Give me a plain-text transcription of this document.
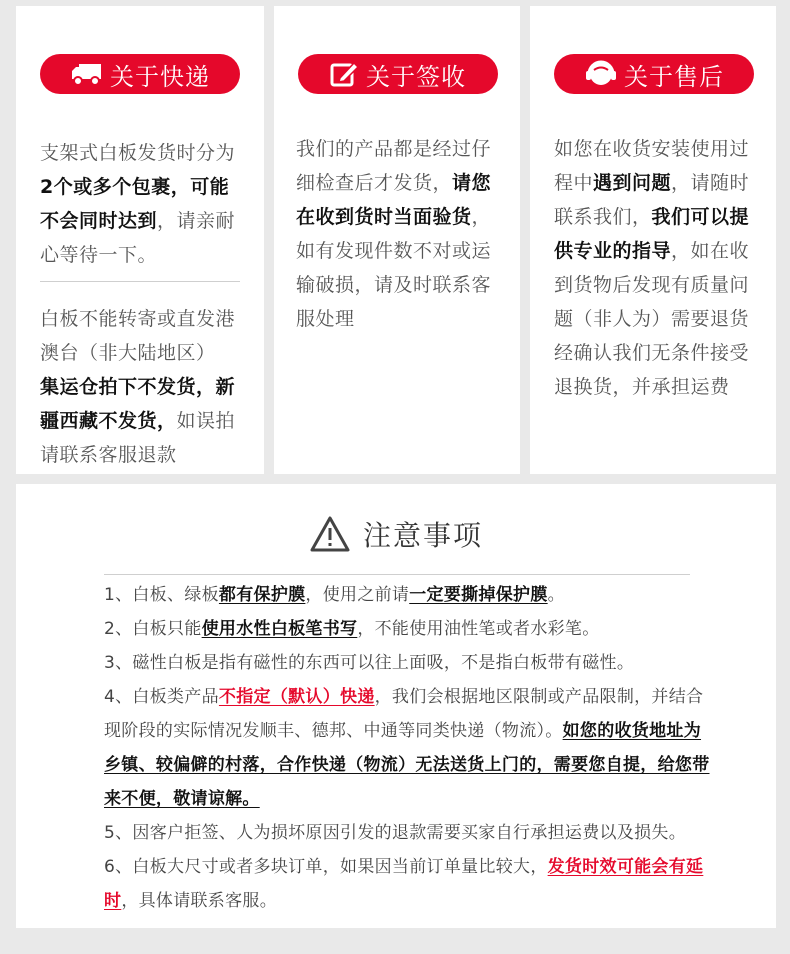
关于快递
支架式白板发货时分为2个或多个包裹，可能不会同时达到，请亲耐心等待一下。
白板不能转寄或直发港澳台（非大陆地区）
集运仓拍下不发货，新疆西藏不发货，如误拍请联系客服退款
关于签收
我们的产品都是经过仔细检查后才发货，请您在收到货时当面验货，如有发现件数不对或运输破损，请及时联系客服处理
关于售后
如您在收货安装使用过程中遇到问题，请随时联系我们，我们可以提供专业的指导，如在收到货物后发现有质量问题（非人为）需要退货经确认我们无条件接受退换货，并承担运费
注意事项
1、白板、绿板都有保护膜，使用之前请一定要撕掉保护膜。
2、白板只能使用水性白板笔书写，不能使用油性笔或者水彩笔。
3、磁性白板是指有磁性的东西可以往上面吸，不是指白板带有磁性。
4、白板类产品不指定（默认）快递，我们会根据地区限制或产品限制，并结合现阶段的实际情况发顺丰、德邦、中通等同类快递（物流）。如您的收货地址为乡镇、较偏僻的村落，合作快递（物流）无法送货上门的，需要您自提，给您带来不便，敬请谅解。
5、因客户拒签、人为损坏原因引发的退款需要买家自行承担运费以及损失。
6、白板大尺寸或者多块订单，如果因当前订单量比较大，发货时效可能会有延时，具体请联系客服。
